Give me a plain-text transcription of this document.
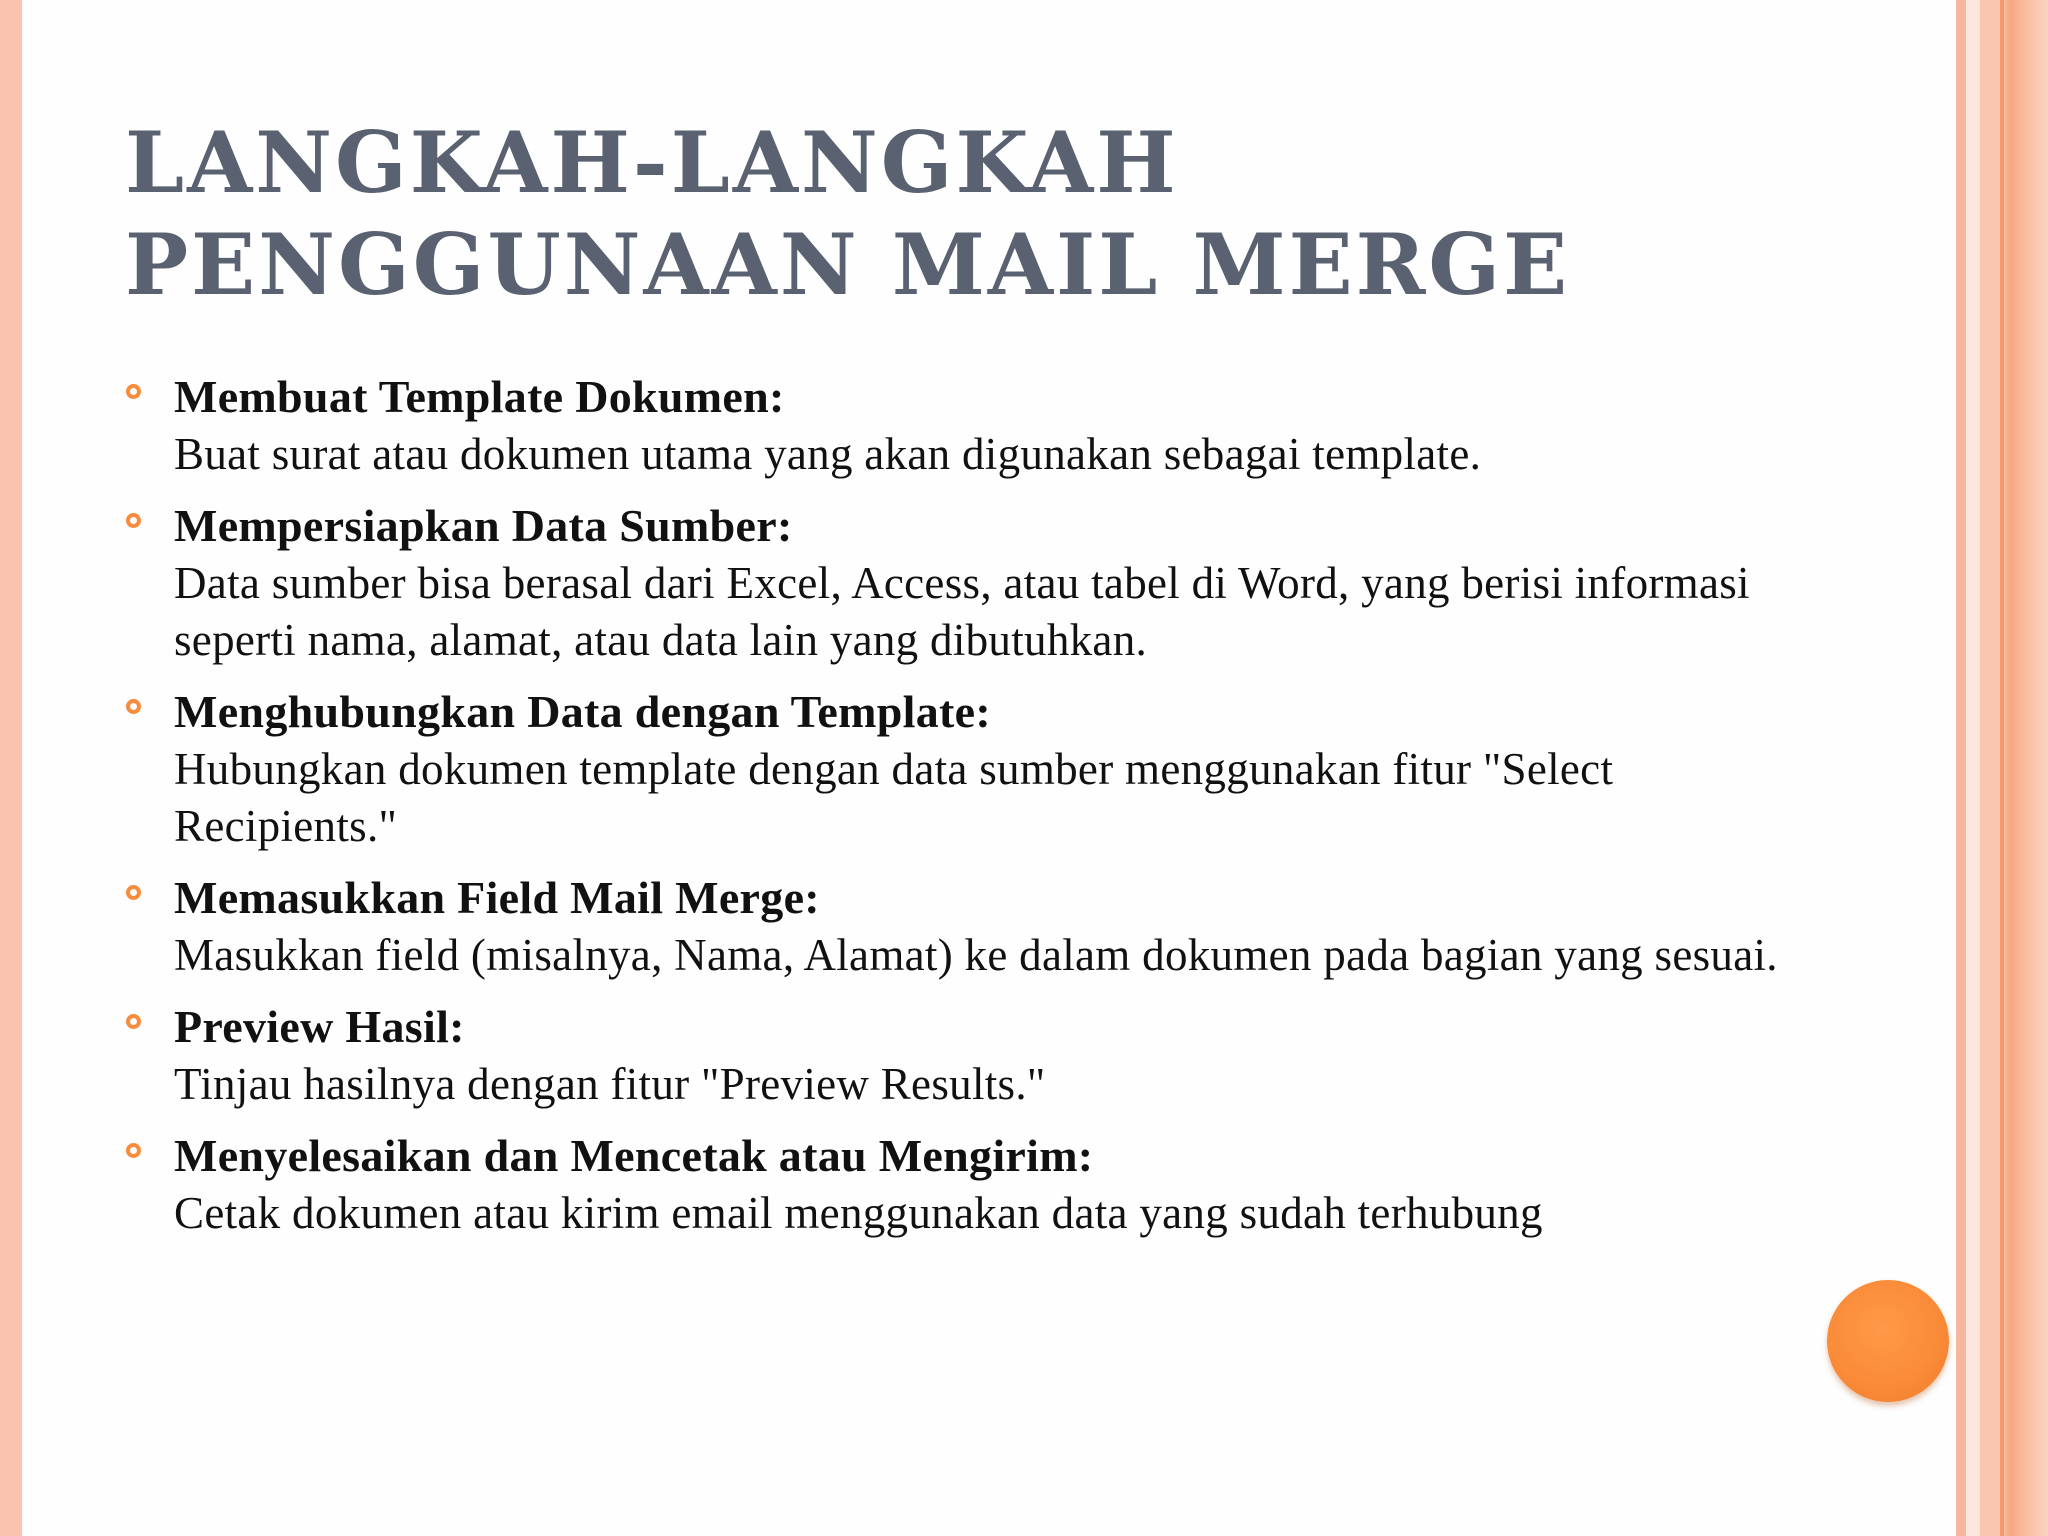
LANGKAH-LANGKAH
PENGGUNAAN MAIL MERGE
Membuat Template Dokumen:
Buat surat atau dokumen utama yang akan digunakan sebagai template.
Mempersiapkan Data Sumber:
Data sumber bisa berasal dari Excel, Access, atau tabel di Word, yang berisi informasi seperti nama, alamat, atau data lain yang dibutuhkan.
Menghubungkan Data dengan Template:
Hubungkan dokumen template dengan data sumber menggunakan fitur "Select Recipients."
Memasukkan Field Mail Merge:
Masukkan field (misalnya, Nama, Alamat) ke dalam dokumen pada bagian yang sesuai.
Preview Hasil:
Tinjau hasilnya dengan fitur "Preview Results."
Menyelesaikan dan Mencetak atau Mengirim:
Cetak dokumen atau kirim email menggunakan data yang sudah terhubung
